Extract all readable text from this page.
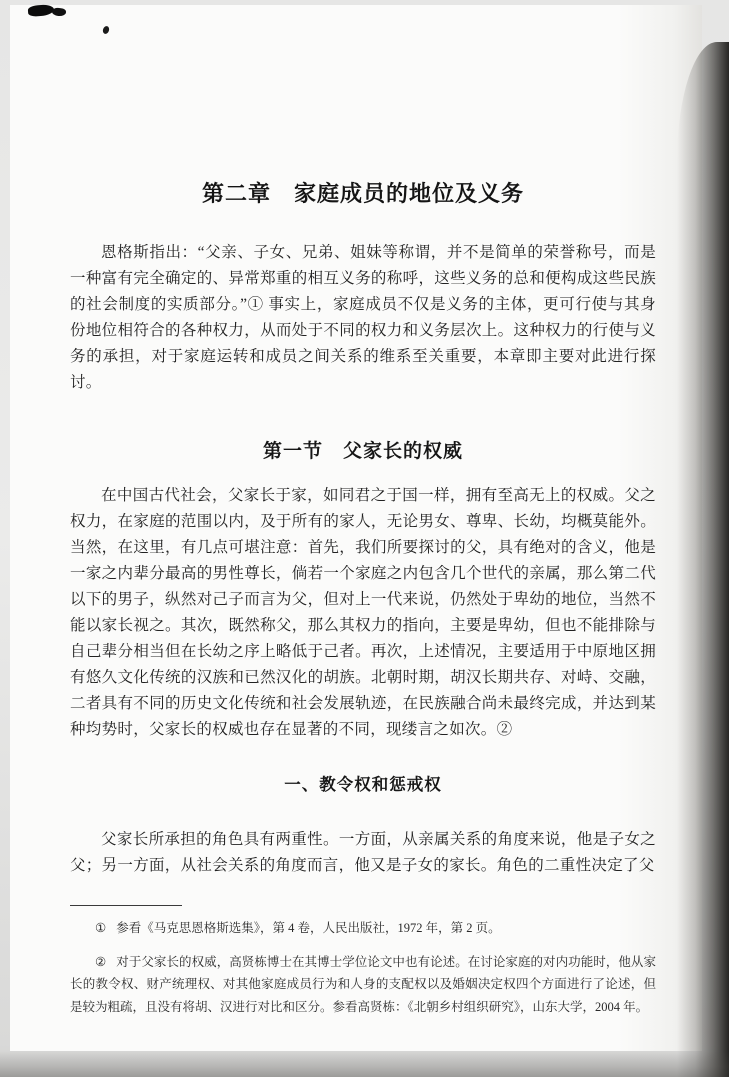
第二章　家庭成员的地位及义务

恩格斯指出：“父亲、子女、兄弟、姐妹等称谓，并不是简单的荣誉称号，而是一种富有完全确定的、异常郑重的相互义务的称呼，这些义务的总和便构成这些民族的社会制度的实质部分。”① 事实上，家庭成员不仅是义务的主体，更可行使与其身份地位相符合的各种权力，从而处于不同的权力和义务层次上。这种权力的行使与义务的承担，对于家庭运转和成员之间关系的维系至关重要，本章即主要对此进行探讨。

第一节　父家长的权威

在中国古代社会，父家长于家，如同君之于国一样，拥有至高无上的权威。父之权力，在家庭的范围以内，及于所有的家人，无论男女、尊卑、长幼，均概莫能外。当然，在这里，有几点可堪注意：首先，我们所要探讨的父，具有绝对的含义，他是一家之内辈分最高的男性尊长，倘若一个家庭之内包含几个世代的亲属，那么第二代以下的男子，纵然对己子而言为父，但对上一代来说，仍然处于卑幼的地位，当然不能以家长视之。其次，既然称父，那么其权力的指向，主要是卑幼，但也不能排除与自己辈分相当但在长幼之序上略低于己者。再次，上述情况，主要适用于中原地区拥有悠久文化传统的汉族和已然汉化的胡族。北朝时期，胡汉长期共存、对峙、交融，二者具有不同的历史文化传统和社会发展轨迹，在民族融合尚未最终完成，并达到某种均势时，父家长的权威也存在显著的不同，现缕言之如次。②

一、教令权和惩戒权

父家长所承担的角色具有两重性。一方面，从亲属关系的角度来说，他是子女之父；另一方面，从社会关系的角度而言，他又是子女的家长。角色的二重性决定了父

① 参看《马克思恩格斯选集》，第 4 卷，人民出版社，1972 年，第 2 页。

② 对于父家长的权威，高贤栋博士在其博士学位论文中也有论述。在讨论家庭的对内功能时，他从家长的教令权、财产统理权、对其他家庭成员行为和人身的支配权以及婚姻决定权四个方面进行了论述，但是较为粗疏，且没有将胡、汉进行对比和区分。参看高贤栋：《北朝乡村组织研究》，山东大学，2004 年。
